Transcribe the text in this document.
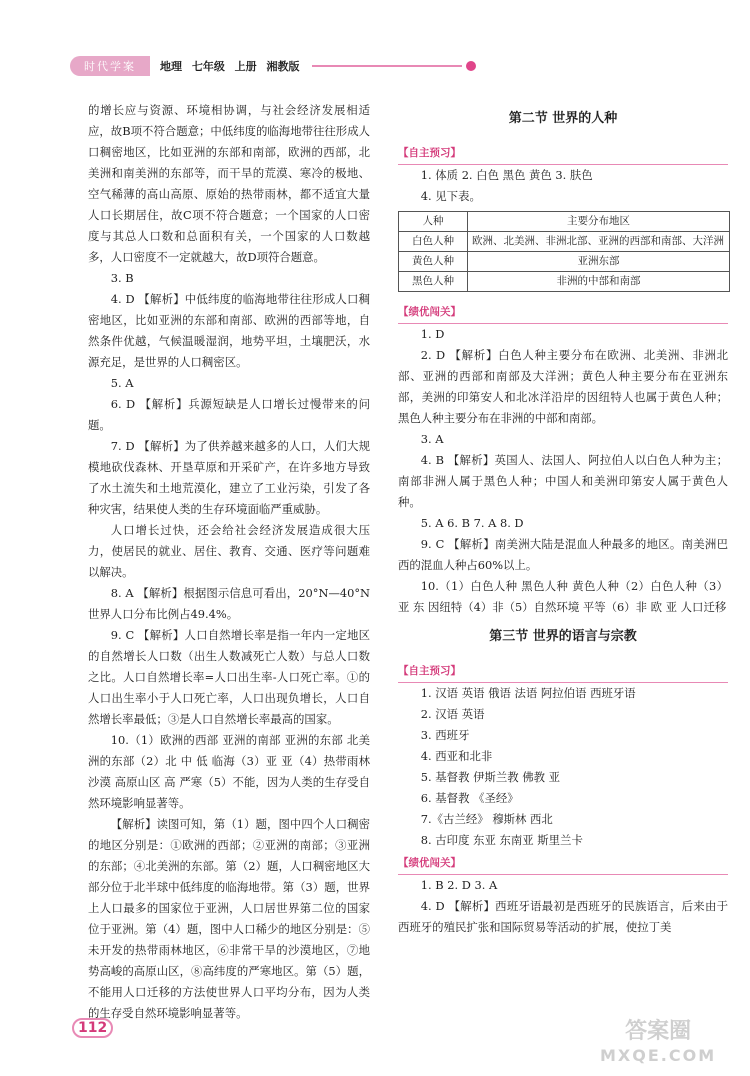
时代学案	地理 七年级 上册 湘教版

的增长应与资源、环境相协调，与社会经济发展相适应，故B项不符合题意；中低纬度的临海地带往往形成人口稠密地区，比如亚洲的东部和南部，欧洲的西部，北美洲和南美洲的东部等，而干旱的荒漠、寒冷的极地、空气稀薄的高山高原、原始的热带雨林，都不适宜大量人口长期居住，故C项不符合题意；一个国家的人口密度与其总人口数和总面积有关，一个国家的人口数越多，人口密度不一定就越大，故D项符合题意。

3. B

4. D 【解析】中低纬度的临海地带往往形成人口稠密地区，比如亚洲的东部和南部、欧洲的西部等地，自然条件优越，气候温暖湿润，地势平坦，土壤肥沃，水源充足，是世界的人口稠密区。

5. A

6. D 【解析】兵源短缺是人口增长过慢带来的问题。

7. D 【解析】为了供养越来越多的人口，人们大规模地砍伐森林、开垦草原和开采矿产，在许多地方导致了水土流失和土地荒漠化，建立了工业污染，引发了各种灾害，结果使人类的生存环境面临严重威胁。

人口增长过快，还会给社会经济发展造成很大压力，使居民的就业、居住、教育、交通、医疗等问题难以解决。

8. A 【解析】根据图示信息可看出，20°N—40°N 世界人口分布比例占49.4%。

9. C 【解析】人口自然增长率是指一年内一定地区的自然增长人口数（出生人数减死亡人数）与总人口数之比。人口自然增长率=人口出生率-人口死亡率。①的人口出生率小于人口死亡率，人口出现负增长，人口自然增长率最低；③是人口自然增长率最高的国家。

10.（1）欧洲的西部 亚洲的南部 亚洲的东部 北美洲的东部（2）北 中 低 临海（3）亚 亚（4）热带雨林 沙漠 高原山区 高 严寒（5）不能，因为人类的生存受自然环境影响显著等。

【解析】读图可知，第（1）题，图中四个人口稠密的地区分别是：①欧洲的西部；②亚洲的南部；③亚洲的东部；④北美洲的东部。第（2）题，人口稠密地区大部分位于北半球中低纬度的临海地带。第（3）题，世界上人口最多的国家位于亚洲，人口居世界第二位的国家位于亚洲。第（4）题，图中人口稀少的地区分别是：⑤未开发的热带雨林地区，⑥非常干旱的沙漠地区，⑦地势高峻的高原山区，⑧高纬度的严寒地区。第（5）题，不能用人口迁移的方法使世界人口平均分布，因为人类的生存受自然环境影响显著等。

第二节 世界的人种

【自主预习】

1. 体质 2. 白色 黑色 黄色 3. 肤色

4. 见下表。

人种	主要分布地区
白色人种	欧洲、北美洲、非洲北部、亚洲的西部和南部、大洋洲
黄色人种	亚洲东部
黑色人种	非洲的中部和南部
【绩优闯关】

1. D

2. D 【解析】白色人种主要分布在欧洲、北美洲、非洲北部、亚洲的西部和南部及大洋洲；黄色人种主要分布在亚洲东部，美洲的印第安人和北冰洋沿岸的因纽特人也属于黄色人种；黑色人种主要分布在非洲的中部和南部。

3. A

4. B 【解析】英国人、法国人、阿拉伯人以白色人种为主；南部非洲人属于黑色人种；中国人和美洲印第安人属于黄色人种。

5. A 6. B 7. A 8. D

9. C 【解析】南美洲大陆是混血人种最多的地区。南美洲巴西的混血人种占60%以上。

10.（1）白色人种 黑色人种 黄色人种（2）白色人种（3）亚 东 因纽特（4）非（5）自然环境 平等（6）非 欧 亚 人口迁移

第三节 世界的语言与宗教

【自主预习】

1. 汉语 英语 俄语 法语 阿拉伯语 西班牙语

2. 汉语 英语

3. 西班牙

4. 西亚和北非

5. 基督教 伊斯兰教 佛教 亚

6. 基督教 《圣经》

7.《古兰经》 穆斯林 西北

8. 古印度 东亚 东南亚 斯里兰卡

【绩优闯关】

1. B 2. D 3. A

4. D 【解析】西班牙语最初是西班牙的民族语言，后来由于西班牙的殖民扩张和国际贸易等活动的扩展，使拉丁美

112	答案圈
MXQE.COM
